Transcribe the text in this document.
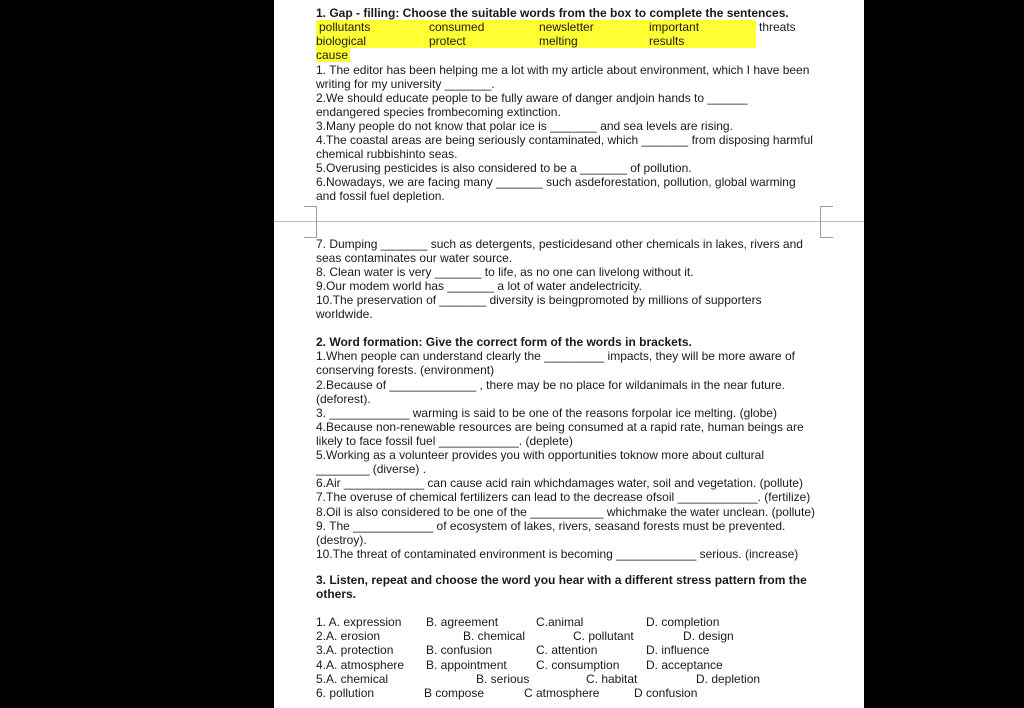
1. Gap - filling: Choose the suitable words from the box to complete the sentences.
pollutants	consumed	newsletter	important	threats
biological	protect	melting	results
cause
1. The editor has been helping me a lot with my article about environment, which I have been
writing for my university _______.
2.We should educate people to be fully aware of danger andjoin hands to ______
endangered species frombecoming extinction.
3.Many people do not know that polar ice is _______ and sea levels are rising.
4.The coastal areas are being seriously contaminated, which _______ from disposing harmful
chemical rubbishinto seas.
5.Overusing pesticides is also considered to be a _______ of pollution.
6.Nowadays, we are facing many _______ such asdeforestation, pollution, global warming
and fossil fuel depletion.
7. Dumping _______ such as detergents, pesticidesand other chemicals in lakes, rivers and
seas contaminates our water source.
8. Clean water is very _______ to life, as no one can livelong without it.
9.Our modem world has _______ a lot of water andelectricity.
10.The preservation of _______ diversity is beingpromoted by millions of supporters
worldwide.
2. Word formation: Give the correct form of the words in brackets.
1.When people can understand clearly the _________ impacts, they will be more aware of
conserving forests. (environment)
2.Because of _____________ , there may be no place for wildanimals in the near future.
(deforest).
3. ____________ warming is said to be one of the reasons forpolar ice melting. (globe)
4.Because non-renewable resources are being consumed at a rapid rate, human beings are
likely to face fossil fuel ____________. (deplete)
5.Working as a volunteer provides you with opportunities toknow more about cultural
________ (diverse) .
6.Air ____________ can cause acid rain whichdamages water, soil and vegetation. (pollute)
7.The overuse of chemical fertilizers can lead to the decrease ofsoil ____________. (fertilize)
8.Oil is also considered to be one of the ___________ whichmake the water unclean. (pollute)
9. The ____________ of ecosystem of lakes, rivers, seasand forests must be prevented.
(destroy).
10.The threat of contaminated environment is becoming ____________ serious. (increase)
3. Listen, repeat and choose the word you hear with a different stress pattern from the
others.
1. A. expression B. agreement	C.animal	D. completion
2.A. erosion	B. chemical	C. pollutant	D. design
3.A. protection	B. confusion	C. attention	D. influence
4.A. atmosphere B. appointment C. consumption D. acceptance
5.A. chemical	B. serious	C. habitat	D. depletion
6. pollution	B compose	C atmosphere	D confusion
